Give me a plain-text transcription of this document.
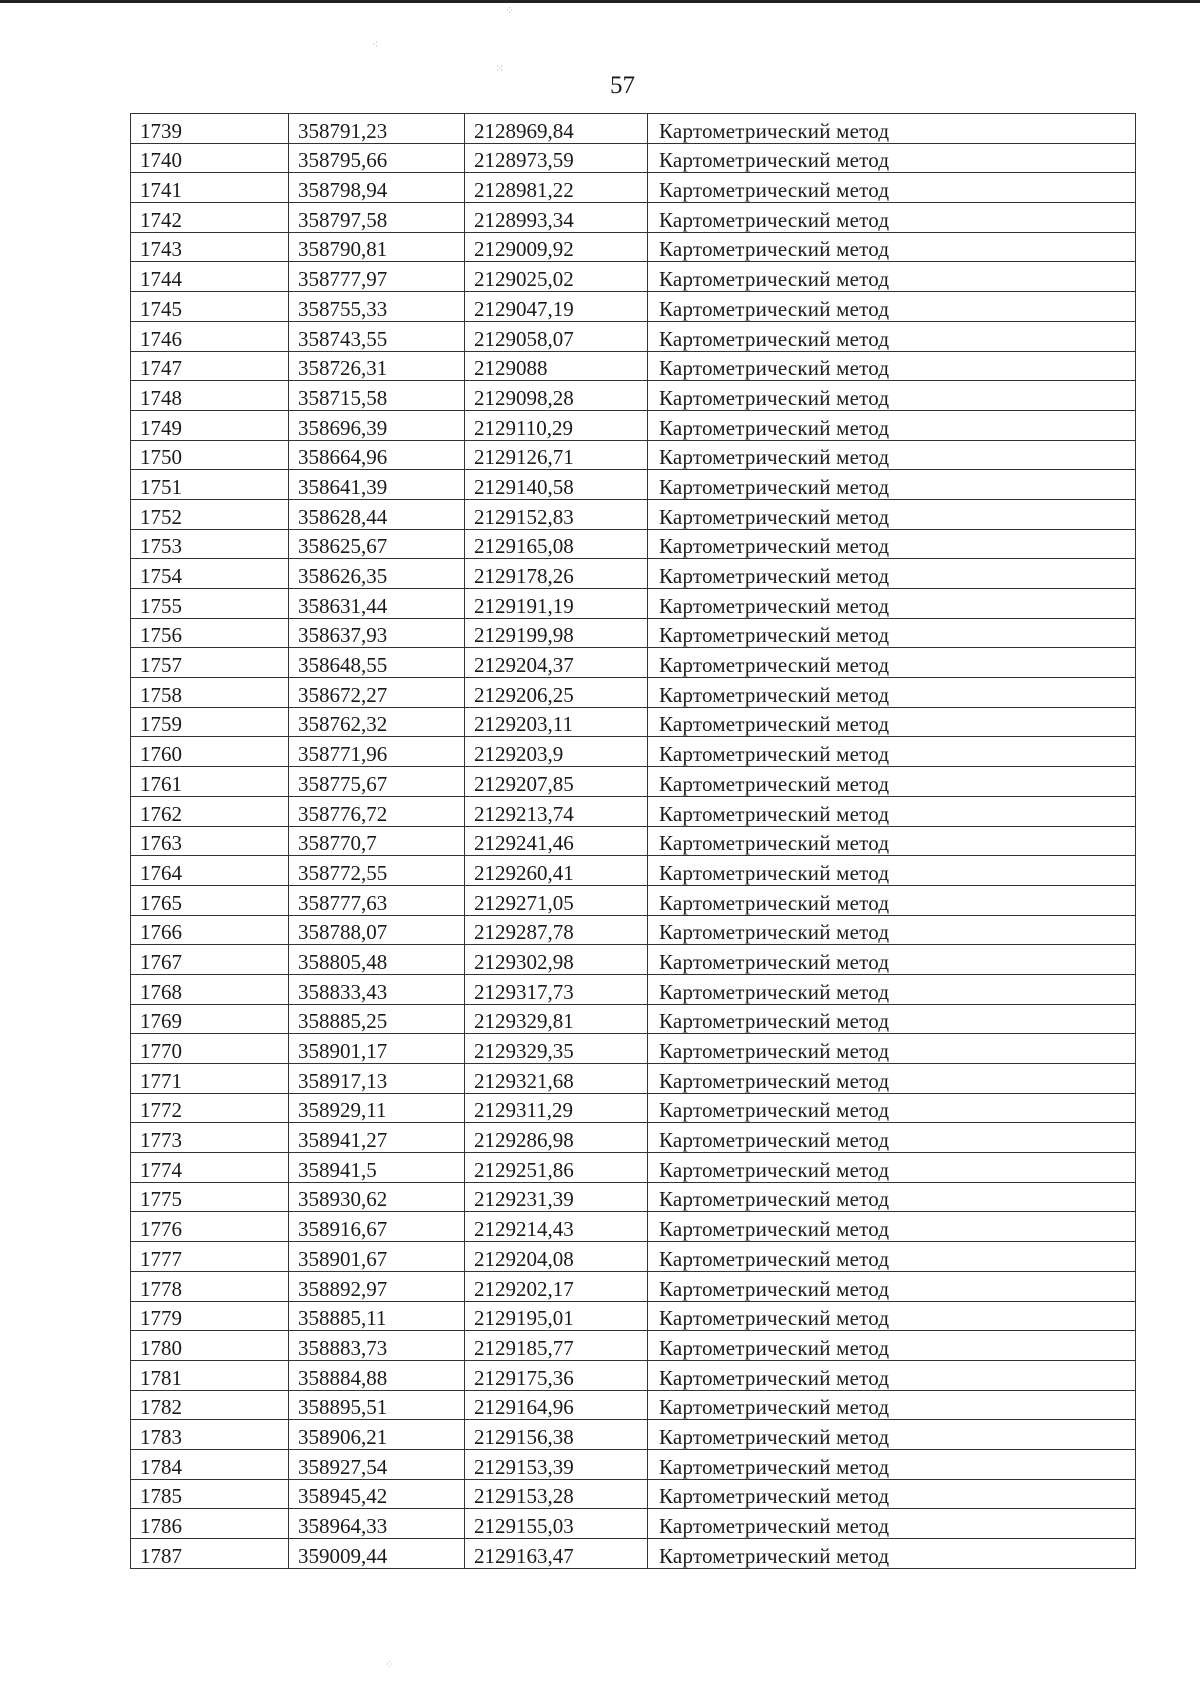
⁘
⁖
⁙
⁘
57
1739	358791,23	2128969,84	Картометрический метод
1740	358795,66	2128973,59	Картометрический метод
1741	358798,94	2128981,22	Картометрический метод
1742	358797,58	2128993,34	Картометрический метод
1743	358790,81	2129009,92	Картометрический метод
1744	358777,97	2129025,02	Картометрический метод
1745	358755,33	2129047,19	Картометрический метод
1746	358743,55	2129058,07	Картометрический метод
1747	358726,31	2129088	Картометрический метод
1748	358715,58	2129098,28	Картометрический метод
1749	358696,39	2129110,29	Картометрический метод
1750	358664,96	2129126,71	Картометрический метод
1751	358641,39	2129140,58	Картометрический метод
1752	358628,44	2129152,83	Картометрический метод
1753	358625,67	2129165,08	Картометрический метод
1754	358626,35	2129178,26	Картометрический метод
1755	358631,44	2129191,19	Картометрический метод
1756	358637,93	2129199,98	Картометрический метод
1757	358648,55	2129204,37	Картометрический метод
1758	358672,27	2129206,25	Картометрический метод
1759	358762,32	2129203,11	Картометрический метод
1760	358771,96	2129203,9	Картометрический метод
1761	358775,67	2129207,85	Картометрический метод
1762	358776,72	2129213,74	Картометрический метод
1763	358770,7	2129241,46	Картометрический метод
1764	358772,55	2129260,41	Картометрический метод
1765	358777,63	2129271,05	Картометрический метод
1766	358788,07	2129287,78	Картометрический метод
1767	358805,48	2129302,98	Картометрический метод
1768	358833,43	2129317,73	Картометрический метод
1769	358885,25	2129329,81	Картометрический метод
1770	358901,17	2129329,35	Картометрический метод
1771	358917,13	2129321,68	Картометрический метод
1772	358929,11	2129311,29	Картометрический метод
1773	358941,27	2129286,98	Картометрический метод
1774	358941,5	2129251,86	Картометрический метод
1775	358930,62	2129231,39	Картометрический метод
1776	358916,67	2129214,43	Картометрический метод
1777	358901,67	2129204,08	Картометрический метод
1778	358892,97	2129202,17	Картометрический метод
1779	358885,11	2129195,01	Картометрический метод
1780	358883,73	2129185,77	Картометрический метод
1781	358884,88	2129175,36	Картометрический метод
1782	358895,51	2129164,96	Картометрический метод
1783	358906,21	2129156,38	Картометрический метод
1784	358927,54	2129153,39	Картометрический метод
1785	358945,42	2129153,28	Картометрический метод
1786	358964,33	2129155,03	Картометрический метод
1787	359009,44	2129163,47	Картометрический метод
